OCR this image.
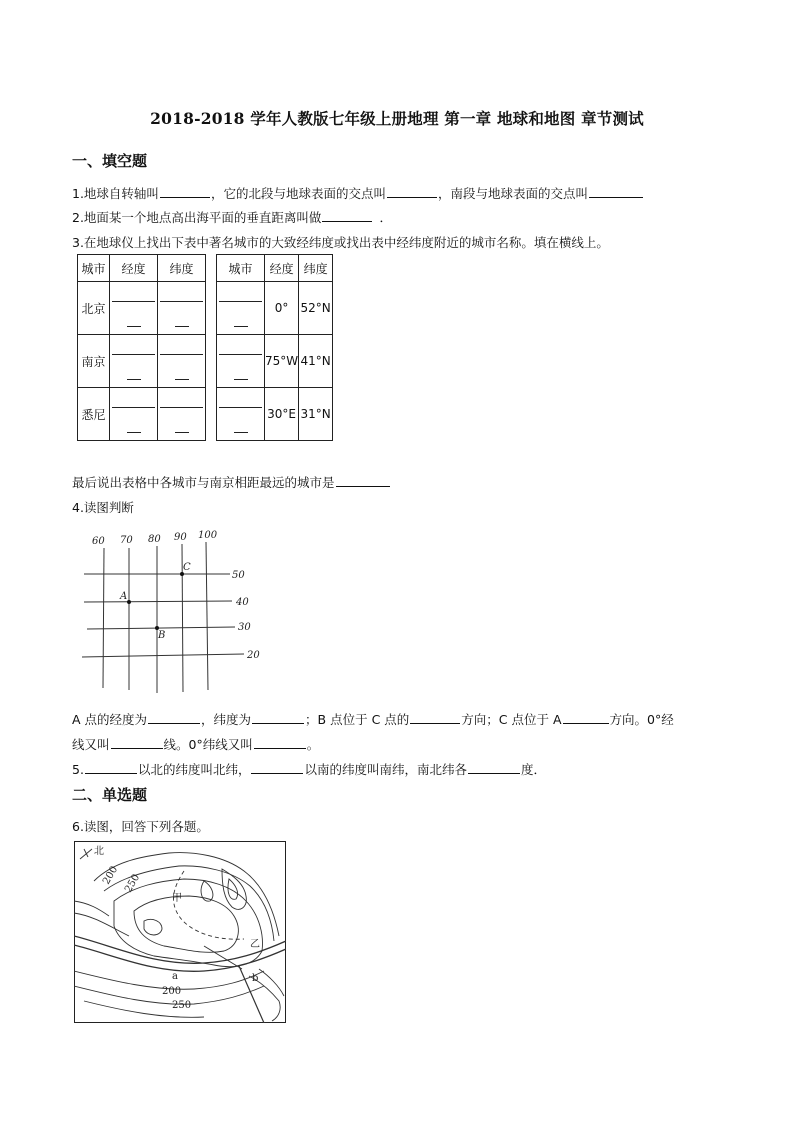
2018-2018 学年人教版七年级上册地理 第一章 地球和地图 章节测试
一、填空题
1.地球自转轴叫	，它的北段与地球表面的交点叫	，南段与地球表面的交点叫
2.地面某一个地点高出海平面的垂直距离叫做	．
3.在地球仪上找出下表中著名城市的大致经纬度或找出表中经纬度附近的城市名称。填在横线上。
城市	经度	纬度		城市	经度	纬度
北京					0°	52°N
南京					75°W	41°N
悉尼					30°E	31°N
最后说出表格中各城市与南京相距最远的城市是
4.读图判断
60 70 80 90 100
50
40
30
20
A
B
C
A 点的经度为	，纬度为	；B 点位于 C 点的	方向；C 点位于 A	方向。0°经
线又叫	线。0°纬线又叫	。
5.	以北的纬度叫北纬，	以南的纬度叫南纬，南北纬各	度．
二、单选题
6.读图，回答下列各题。
北
200 250
甲
乙
a	b
200
250
